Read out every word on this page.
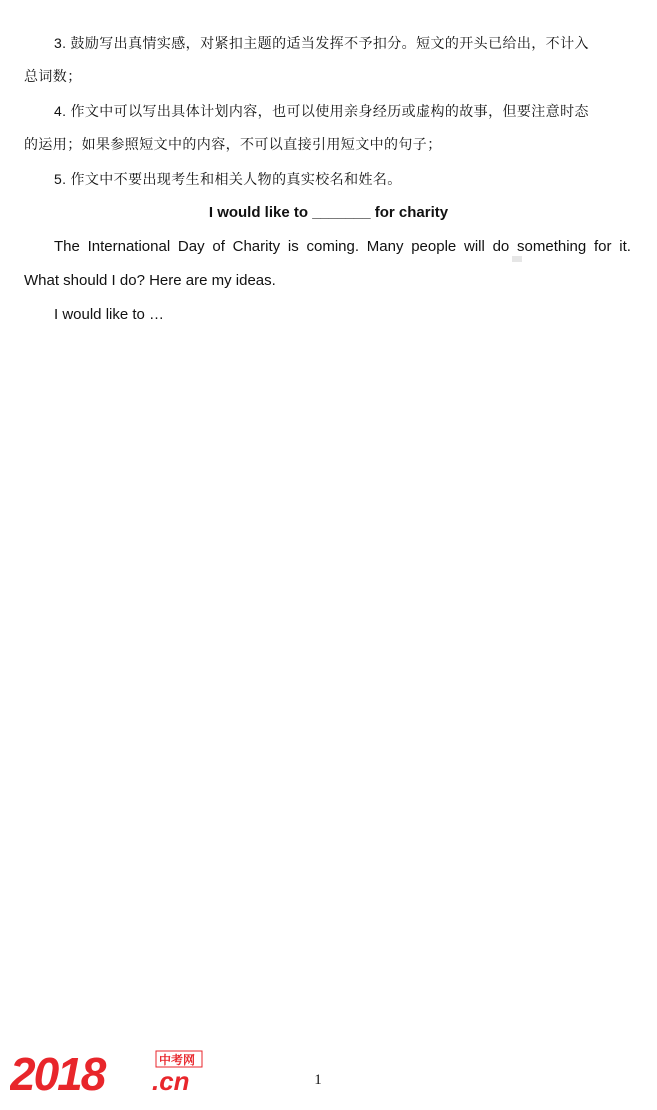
3. 鼓励写出真情实感，对紧扣主题的适当发挥不予扣分。短文的开头已给出，不计入
总词数；
4. 作文中可以写出具体计划内容，也可以使用亲身经历或虚构的故事，但要注意时态
的运用；如果参照短文中的内容，不可以直接引用短文中的句子；
5. 作文中不要出现考生和相关人物的真实校名和姓名。
I would like to _______ for charity
The International Day of Charity is coming. Many people will do something for it.
What should I do? Here are my ideas.
I would like to …
2018	中考网
.cn	1
